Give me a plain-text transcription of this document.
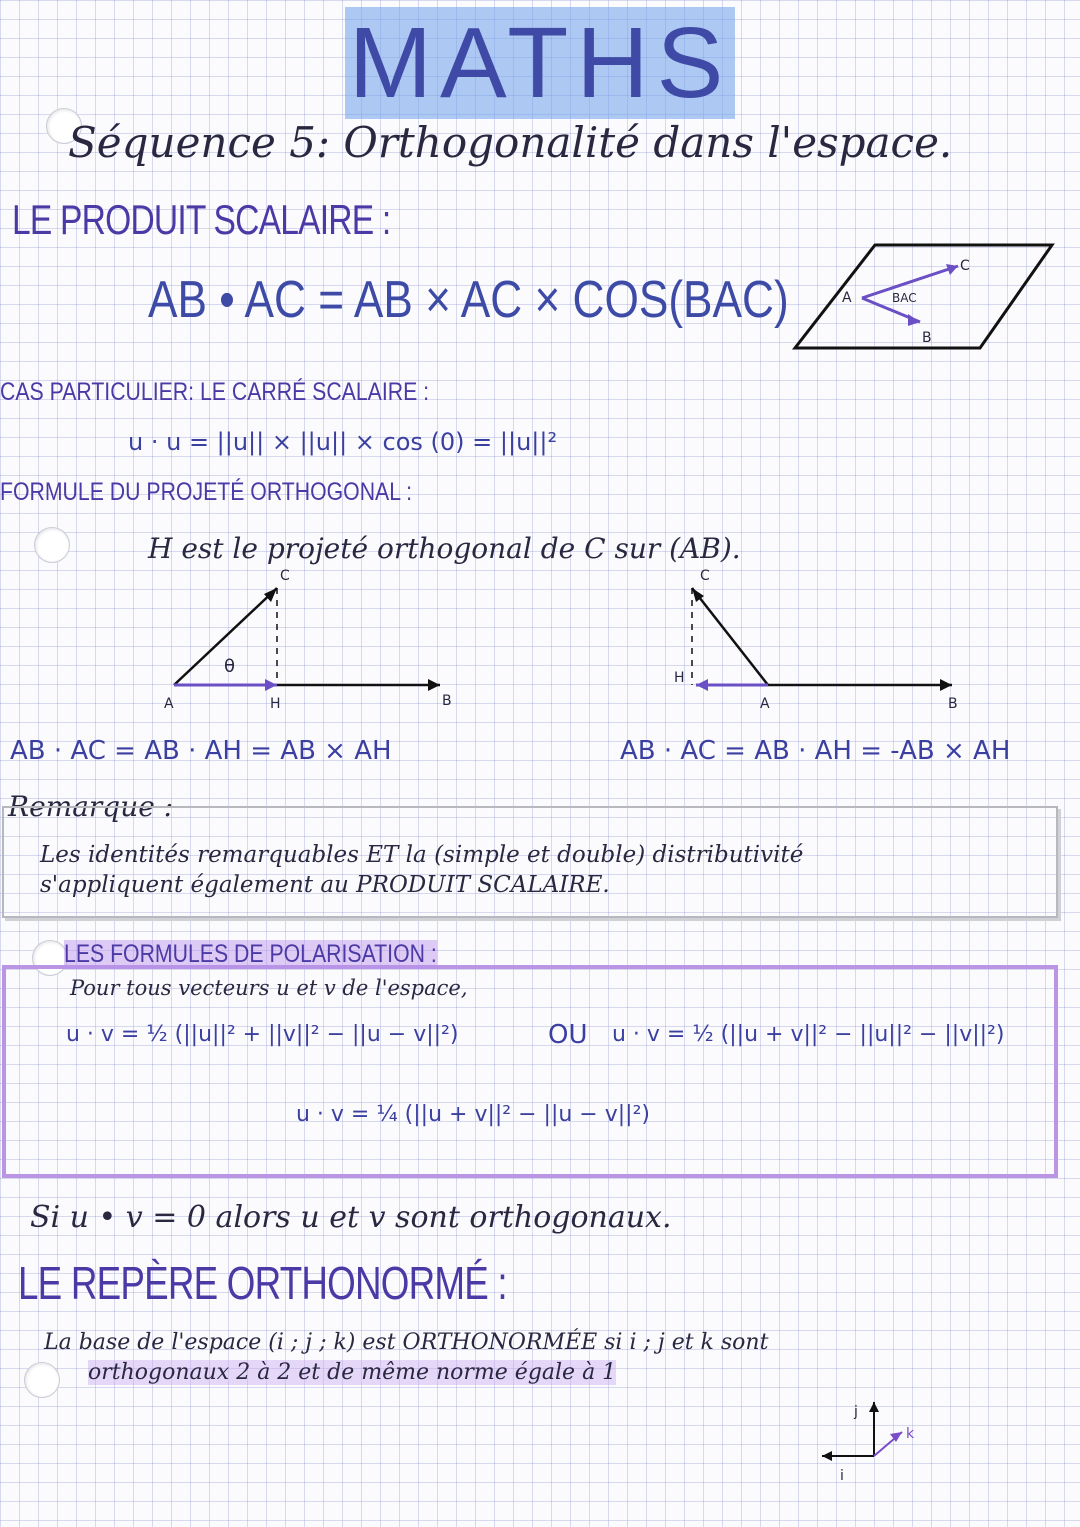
MATHS
Séquence 5: Orthogonalité dans l'espace.
LE PRODUIT SCALAIRE :
AB • AC = AB × AC × COS(BAC)	A
C
B
BAC
CAS PARTICULIER: LE CARRÉ SCALAIRE :
u · u = ||u|| × ||u|| × cos (0) = ||u||²
FORMULE DU PROJETÉ ORTHOGONAL :
H est le projeté orthogonal de C sur (AB).
A	H
C
B
θ
H
A	B
C
AB · AC = AB · AH = AB × AH	AB · AC = AB · AH = -AB × AH
Remarque :
Les identités remarquables ET la (simple et double) distributivité
s'appliquent également au PRODUIT SCALAIRE.
LES FORMULES DE POLARISATION :
Pour tous vecteurs u et v de l'espace,
u · v = ½ (||u||² + ||v||² − ||u − v||²)	OU u · v = ½ (||u + v||² − ||u||² − ||v||²)
u · v = ¼ (||u + v||² − ||u − v||²)
Si u • v = 0 alors u et v sont orthogonaux.
LE REPÈRE ORTHONORMÉ :
La base de l'espace (i ; j ; k) est ORTHONORMÉE si i ; j et k sont
orthogonaux 2 à 2 et de même norme égale à 1
i
j
k
